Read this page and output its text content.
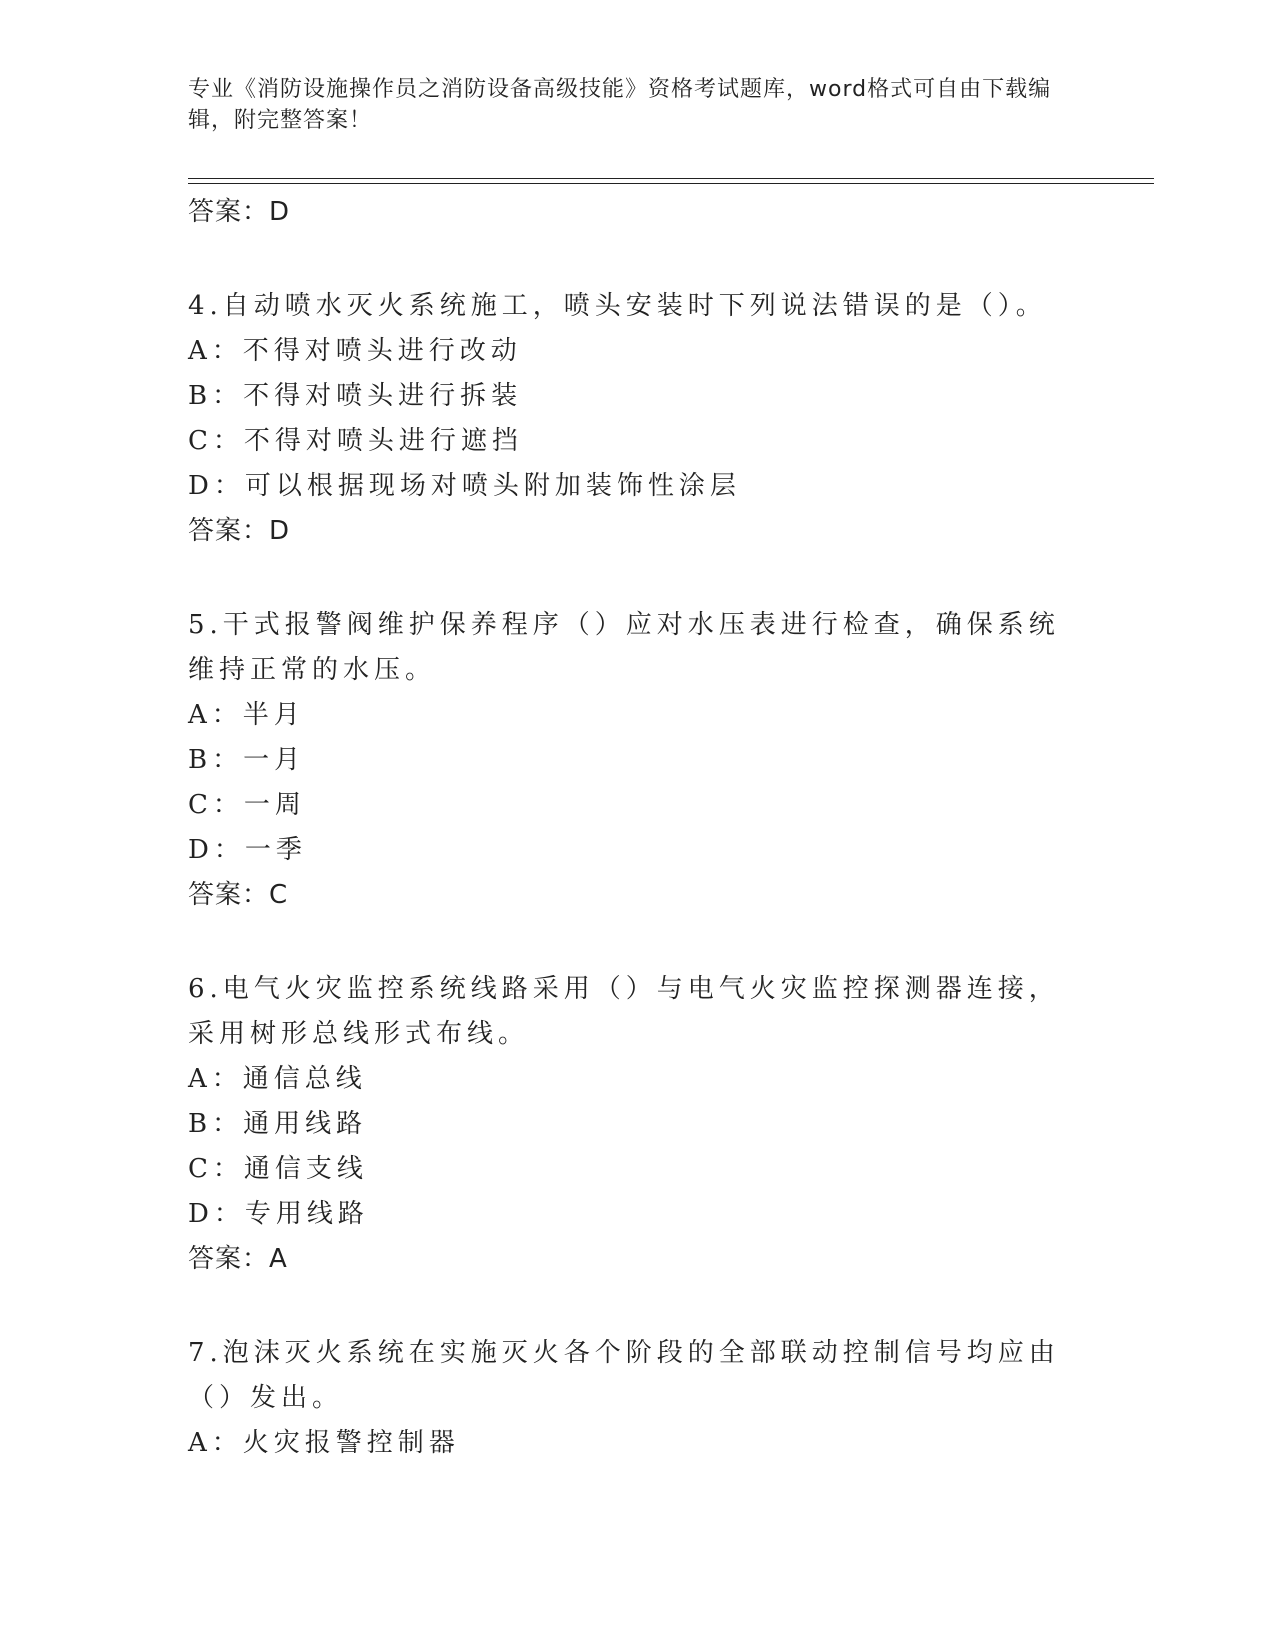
专业《消防设施操作员之消防设备高级技能》资格考试题库，word格式可自由下载编辑，附完整答案！
答案：D
4.自动喷水灭火系统施工，喷头安装时下列说法错误的是（）。
A：不得对喷头进行改动
B：不得对喷头进行拆装
C：不得对喷头进行遮挡
D：可以根据现场对喷头附加装饰性涂层
答案：D
5.干式报警阀维护保养程序（）应对水压表进行检查，确保系统维持正常的水压。
A：半月
B：一月
C：一周
D：一季
答案：C
6.电气火灾监控系统线路采用（）与电气火灾监控探测器连接，采用树形总线形式布线。
A：通信总线
B：通用线路
C：通信支线
D：专用线路
答案：A
7.泡沫灭火系统在实施灭火各个阶段的全部联动控制信号均应由（）发出。
A：火灾报警控制器
